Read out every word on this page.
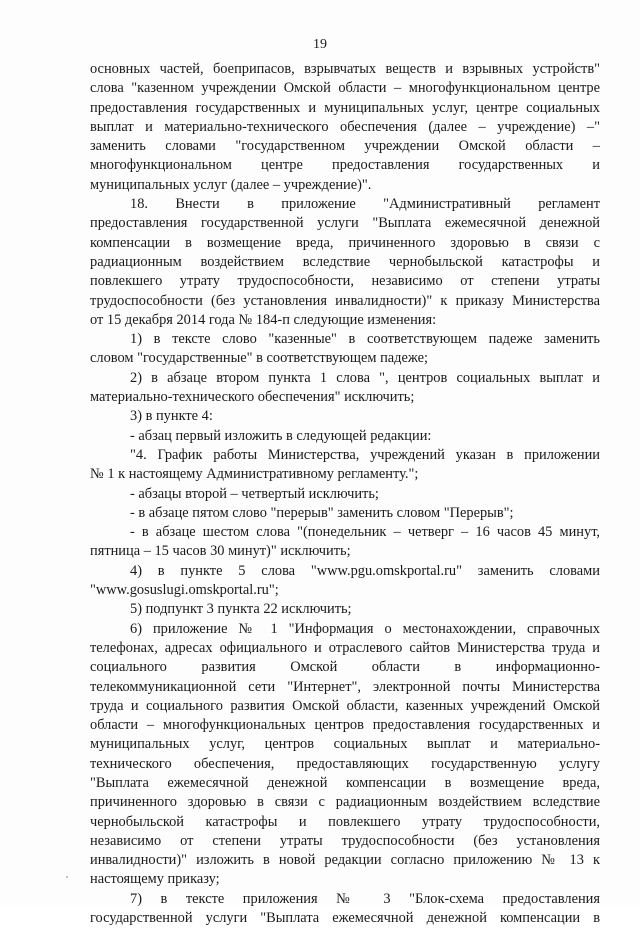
19
основных частей, боеприпасов, взрывчатых веществ и взрывных устройств"
слова "казенном учреждении Омской области – многофункциональном центре
предоставления государственных и муниципальных услуг, центре социальных
выплат и материально-технического обеспечения (далее – учреждение) –"
заменить словами "государственном учреждении Омской области –
многофункциональном центре предоставления государственных и
муниципальных услуг (далее – учреждение)".
18. Внести в приложение "Административный регламент
предоставления государственной услуги "Выплата ежемесячной денежной
компенсации в возмещение вреда, причиненного здоровью в связи с
радиационным воздействием вследствие чернобыльской катастрофы и
повлекшего утрату трудоспособности, независимо от степени утраты
трудоспособности (без установления инвалидности)" к приказу Министерства
от 15 декабря 2014 года № 184-п следующие изменения:
1) в тексте слово "казенные" в соответствующем падеже заменить
словом "государственные" в соответствующем падеже;
2) в абзаце втором пункта 1 слова ", центров социальных выплат и
материально-технического обеспечения" исключить;
3) в пункте 4:
- абзац первый изложить в следующей редакции:
"4. График работы Министерства, учреждений указан в приложении
№ 1 к настоящему Административному регламенту.";
- абзацы второй – четвертый исключить;
- в абзаце пятом слово "перерыв" заменить словом "Перерыв";
- в абзаце шестом слова "(понедельник – четверг – 16 часов 45 минут,
пятница – 15 часов 30 минут)" исключить;
4) в пункте 5 слова "www.pgu.omskportal.ru" заменить словами
"www.gosuslugi.omskportal.ru";
5) подпункт 3 пункта 22 исключить;
6) приложение № 1 "Информация о местонахождении, справочных
телефонах, адресах официального и отраслевого сайтов Министерства труда и
социального развития Омской области в информационно-
телекоммуникационной сети "Интернет", электронной почты Министерства
труда и социального развития Омской области, казенных учреждений Омской
области – многофункциональных центров предоставления государственных и
муниципальных услуг, центров социальных выплат и материально-
технического обеспечения, предоставляющих государственную услугу
"Выплата ежемесячной денежной компенсации в возмещение вреда,
причиненного здоровью в связи с радиационным воздействием вследствие
чернобыльской катастрофы и повлекшего утрату трудоспособности,
независимо от степени утраты трудоспособности (без установления
инвалидности)" изложить в новой редакции согласно приложению № 13 к
настоящему приказу;
7) в тексте приложения № 3 "Блок-схема предоставления
государственной услуги "Выплата ежемесячной денежной компенсации в
